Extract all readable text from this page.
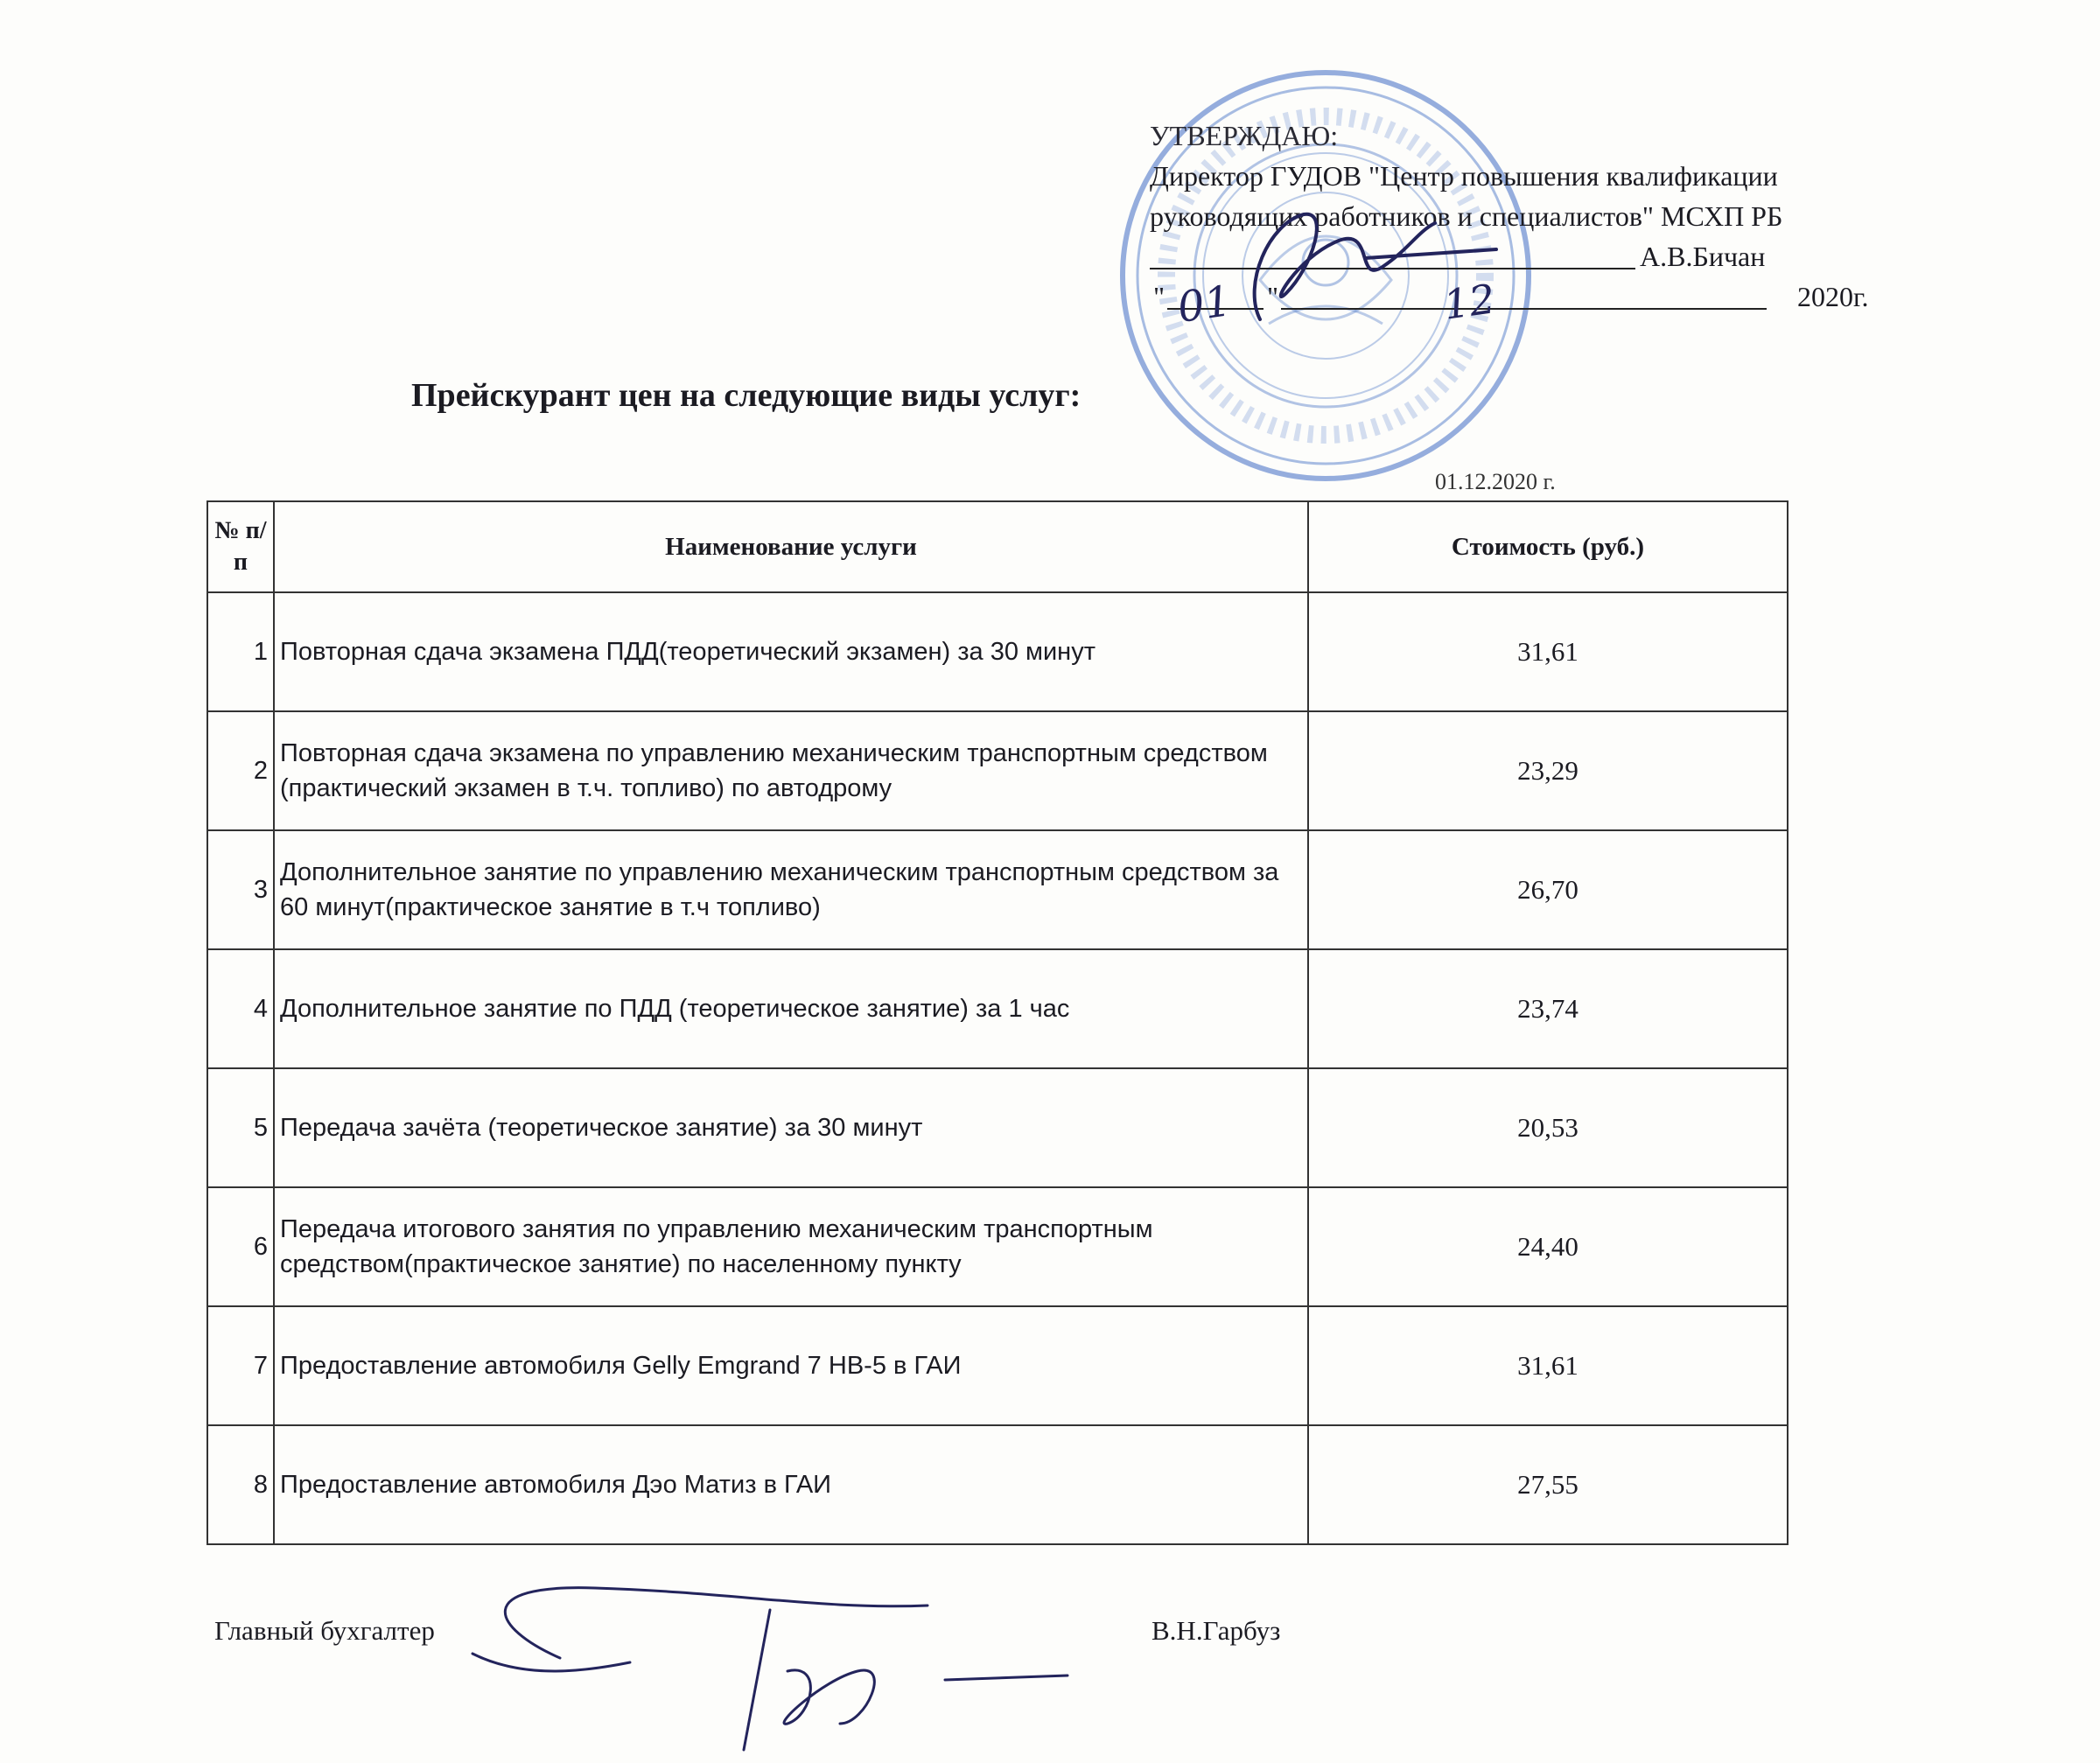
УТВЕРЖДАЮ:
Директор ГУДОВ "Центр повышения квалификации
руководящих работников и специалистов" МСХП РБ
А.В.Бичан
"	"	2020г.
01	12
Прейскурант цен на следующие виды услуг:
01.12.2020 г.
№ п/п	Наименование услуги	Стоимость (руб.)
1	Повторная сдача экзамена ПДД(теоретический экзамен) за 30 минут	31,61
2	Повторная сдача экзамена по управлению механическим транспортным средством (практический экзамен в т.ч. топливо) по автодрому	23,29
3	Дополнительное занятие по управлению механическим транспортным средством за 60 минут(практическое занятие в т.ч топливо)	26,70
4	Дополнительное занятие по ПДД (теоретическое занятие) за 1 час	23,74
5	Передача зачёта (теоретическое занятие) за 30 минут	20,53
6	Передача итогового занятия по управлению механическим транспортным средством(практическое занятие) по населенному пункту	24,40
7	Предоставление автомобиля Gelly Emgrand 7 HB-5 в ГАИ	31,61
8	Предоставление автомобиля Дэо Матиз в ГАИ	27,55
Главный бухгалтер	В.Н.Гарбуз
